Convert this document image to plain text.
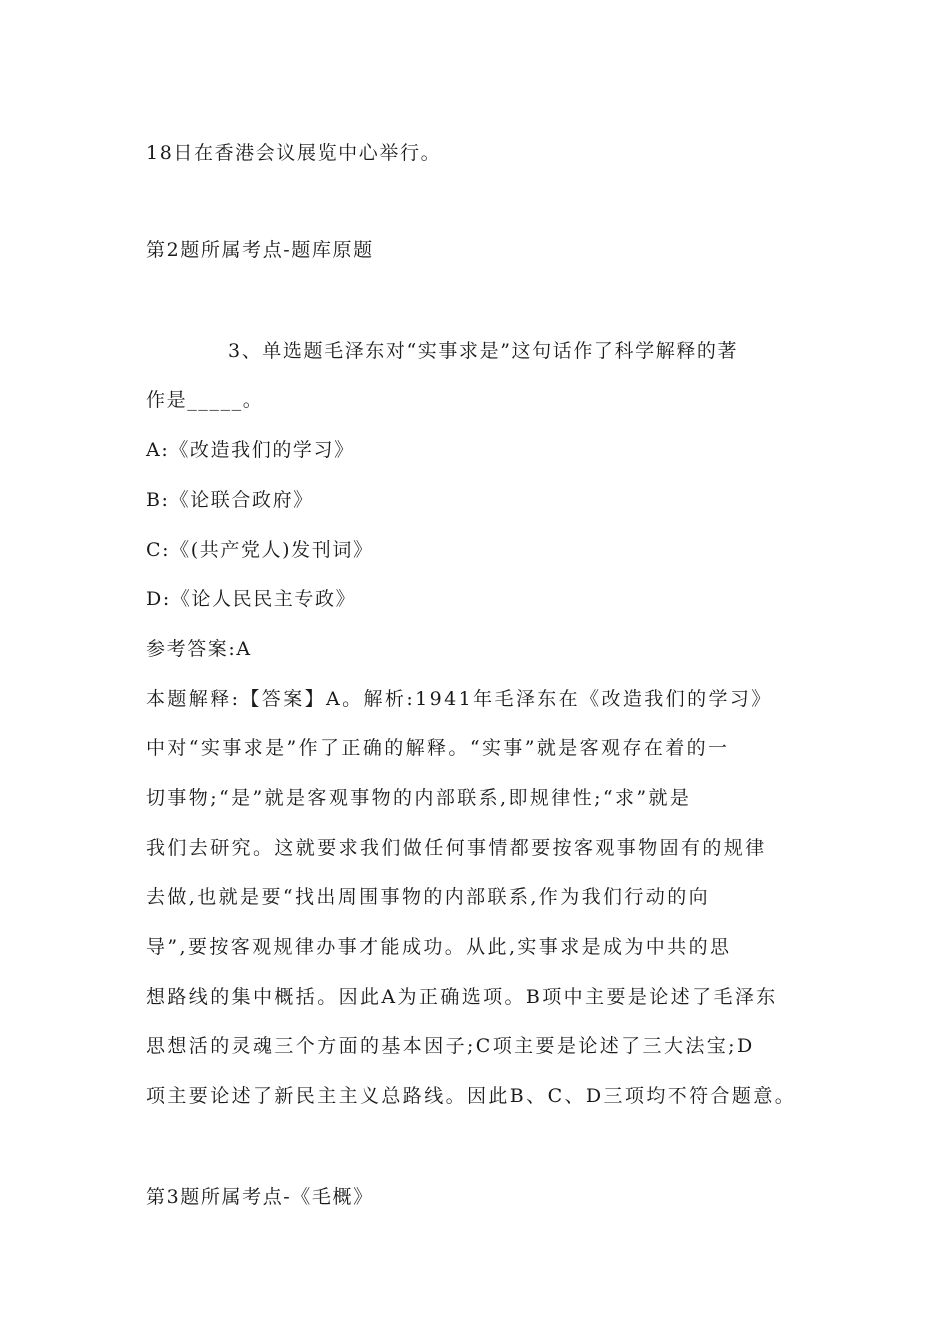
18日在香港会议展览中心举行。
第2题所属考点-题库原题
3、单选题毛泽东对“实事求是”这句话作了科学解释的著
作是_____。
A:《改造我们的学习》
B:《论联合政府》
C:《(共产党人)发刊词》
D:《论人民民主专政》
参考答案:A
本题解释:【答案】A。解析:1941年毛泽东在《改造我们的学习》
中对“实事求是”作了正确的解释。“实事”就是客观存在着的一
切事物;“是”就是客观事物的内部联系,即规律性;“求”就是
我们去研究。这就要求我们做任何事情都要按客观事物固有的规律
去做,也就是要“找出周围事物的内部联系,作为我们行动的向
导”,要按客观规律办事才能成功。从此,实事求是成为中共的思
想路线的集中概括。因此A为正确选项。B项中主要是论述了毛泽东
思想活的灵魂三个方面的基本因子;C项主要是论述了三大法宝;D
项主要论述了新民主主义总路线。因此B、C、D三项均不符合题意。
第3题所属考点-《毛概》
